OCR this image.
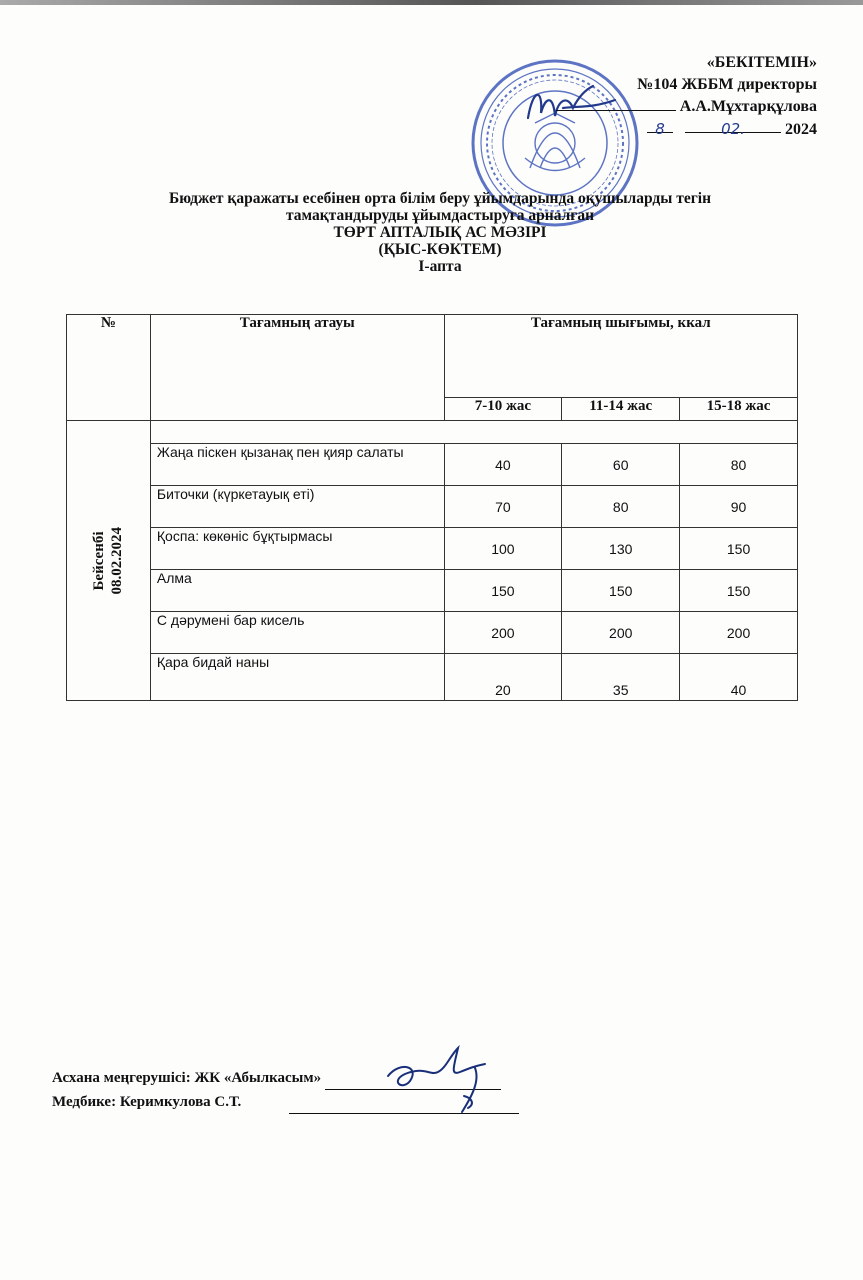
«БЕКІТЕМІН»
№104 ЖББМ директоры
А.А.Мұхтарқұлова
8	02.	2024
Бюджет қаражаты есебінен орта білім беру ұйымдарында оқушыларды тегін
тамақтандыруды ұйымдастыруға арналған
ТӨРТ АПТАЛЫҚ АС МӘЗІРІ
(ҚЫС-КӨКТЕМ)
I-апта
№	Тағамның атауы	Тағамның шығымы, ккал		
		7-10 жас	11-14 жас	15-18 жас

Бейсенбі 08.02.2024				

	Жаңа піскен қызанақ пен қияр салаты	40	60	80
	Биточки (күркетауық еті)	70	80	90
	Қоспа: көкөніс бұқтырмасы	100	130	150
	Алма	150	150	150
	С дәрумені бар кисель	200	200	200
	Қара бидай наны	20	35	40
Асхана меңгерушісі: ЖК «Абылкасым»
Медбике: Керимкулова С.Т.
